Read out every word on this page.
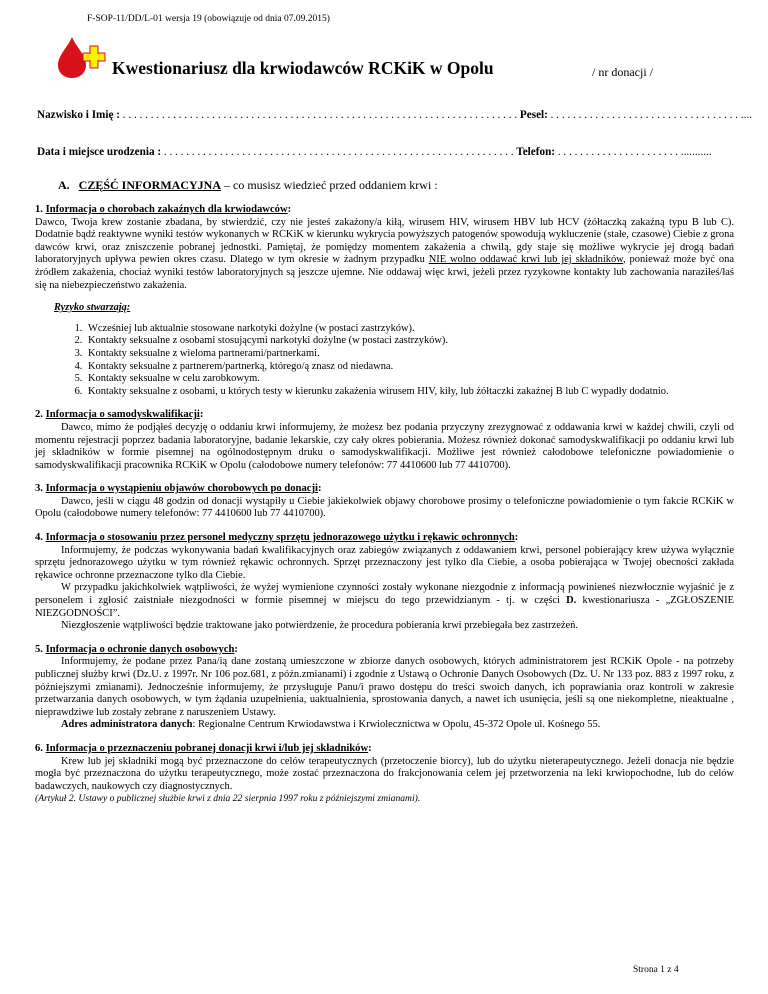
F-SOP-11/DD/L-01 wersja 19 (obowiązuje od dnia 07.09.2015)
Kwestionariusz dla krwiodawców RCKiK w Opolu	/ nr donacji /
Nazwisko i Imię : . . . . . . . . . . . . . . . . . . . . . . . . . . . . . . . . . . . . . . . . . . . . . . . . . . . . . . . . . . . . . . . . . . . . . . . Pesel: . . . . . . . . . . . . . . . . . . . . . . . . . . . . . . . . . . ....
Data i miejsce urodzenia : . . . . . . . . . . . . . . . . . . . . . . . . . . . . . . . . . . . . . . . . . . . . . . . . . . . . . . . . . . . . . . . Telefon: . . . . . . . . . . . . . . . . . . . . . . ...........
A. CZĘŚĆ INFORMACYJNA – co musisz wiedzieć przed oddaniem krwi :
1. Informacja o chorobach zakaźnych dla krwiodawców:

Dawco, Twoja krew zostanie zbadana, by stwierdzić, czy nie jesteś zakażony/a kiłą, wirusem HIV, wirusem HBV lub HCV (żółtaczką zakaźną typu B lub C). Dodatnie bądź reaktywne wyniki testów wykonanych w RCKiK w kierunku wykrycia powyższych patogenów spowodują wykluczenie (stałe, czasowe) Ciebie z grona dawców krwi, oraz zniszczenie pobranej jednostki. Pamiętaj, że pomiędzy momentem zakażenia a chwilą, gdy staje się możliwe wykrycie jej drogą badań laboratoryjnych upływa pewien okres czasu. Dlatego w tym okresie w żadnym przypadku NIE wolno oddawać krwi lub jej składników, ponieważ może być ona źródłem zakażenia, chociaż wyniki testów laboratoryjnych są jeszcze ujemne. Nie oddawaj więc krwi, jeżeli przez ryzykowne kontakty lub zachowania naraziłeś/łaś się na niebezpieczeństwo zakażenia.

Ryzyko stwarzają:
1. Wcześniej lub aktualnie stosowane narkotyki dożylne (w postaci zastrzyków).
2. Kontakty seksualne z osobami stosującymi narkotyki dożylne (w postaci zastrzyków).
3. Kontakty seksualne z wieloma partnerami/partnerkami.
4. Kontakty seksualne z partnerem/partnerką, którego/ą znasz od niedawna.
5. Kontakty seksualne w celu zarobkowym.
6. Kontakty seksualne z osobami, u których testy w kierunku zakażenia wirusem HIV, kiły, lub żółtaczki zakaźnej B lub C wypadły dodatnio.
2. Informacja o samodyskwalifikacji:

Dawco, mimo że podjąłeś decyzję o oddaniu krwi informujemy, że możesz bez podania przyczyny zrezygnować z oddawania krwi w każdej chwili, czyli od momentu rejestracji poprzez badania laboratoryjne, badanie lekarskie, czy cały okres pobierania. Możesz również dokonać samodyskwalifikacji po oddaniu krwi lub jej składników w formie pisemnej na ogólnodostępnym druku o samodyskwalifikacji. Możliwe jest również całodobowe telefoniczne powiadomienie o samodyskwalifikacji pracownika RCKiK w Opolu (całodobowe numery telefonów: 77 4410600 lub 77 4410700).

3. Informacja o wystąpieniu objawów chorobowych po donacji:

Dawco, jeśli w ciągu 48 godzin od donacji wystąpiły u Ciebie jakiekolwiek objawy chorobowe prosimy o telefoniczne powiadomienie o tym fakcie RCKiK w Opolu (całodobowe numery telefonów: 77 4410600 lub 77 4410700).

4. Informacja o stosowaniu przez personel medyczny sprzętu jednorazowego użytku i rękawic ochronnych:

Informujemy, że podczas wykonywania badań kwalifikacyjnych oraz zabiegów związanych z oddawaniem krwi, personel pobierający krew używa wyłącznie sprzętu jednorazowego użytku w tym również rękawic ochronnych. Sprzęt przeznaczony jest tylko dla Ciebie, a osoba pobierająca w Twojej obecności zakłada rękawice ochronne przeznaczone tylko dla Ciebie.

W przypadku jakichkolwiek wątpliwości, że wyżej wymienione czynności zostały wykonane niezgodnie z informacją powinieneś niezwłocznie wyjaśnić je z personelem i zgłosić zaistniałe niezgodności w formie pisemnej w miejscu do tego przewidzianym - tj. w części D. kwestionariusza - „ZGŁOSZENIE NIEZGODNOŚCI”.

Niezgłoszenie wątpliwości będzie traktowane jako potwierdzenie, że procedura pobierania krwi przebiegała bez zastrzeżeń.

5. Informacja o ochronie danych osobowych:

Informujemy, że podane przez Pana/ią dane zostaną umieszczone w zbiorze danych osobowych, których administratorem jest RCKiK Opole - na potrzeby publicznej służby krwi (Dz.U. z 1997r. Nr 106 poz.681, z późn.zmianami) i zgodnie z Ustawą o Ochronie Danych Osobowych (Dz. U. Nr 133 poz. 883 z 1997 roku, z późniejszymi zmianami). Jednocześnie informujemy, że przysługuje Panu/i prawo dostępu do treści swoich danych, ich poprawiania oraz kontroli w zakresie przetwarzania danych osobowych, w tym żądania uzupełnienia, uaktualnienia, sprostowania danych, a nawet ich usunięcia, jeśli są one niekompletne, nieaktualne , nieprawdziwe lub zostały zebrane z naruszeniem Ustawy.

Adres administratora danych: Regionalne Centrum Krwiodawstwa i Krwiolecznictwa w Opolu, 45-372 Opole ul. Kośnego 55.

6. Informacja o przeznaczeniu pobranej donacji krwi i/lub jej składników:

Krew lub jej składniki mogą być przeznaczone do celów terapeutycznych (przetoczenie biorcy), lub do użytku nieterapeutycznego. Jeżeli donacja nie będzie mogła być przeznaczona do użytku terapeutycznego, może zostać przeznaczona do frakcjonowania celem jej przetworzenia na leki krwiopochodne, lub do celów badawczych, naukowych czy diagnostycznych.

(Artykuł 2. Ustawy o publicznej służbie krwi z dnia 22 sierpnia 1997 roku z późniejszymi zmianami).

Strona 1 z 4
